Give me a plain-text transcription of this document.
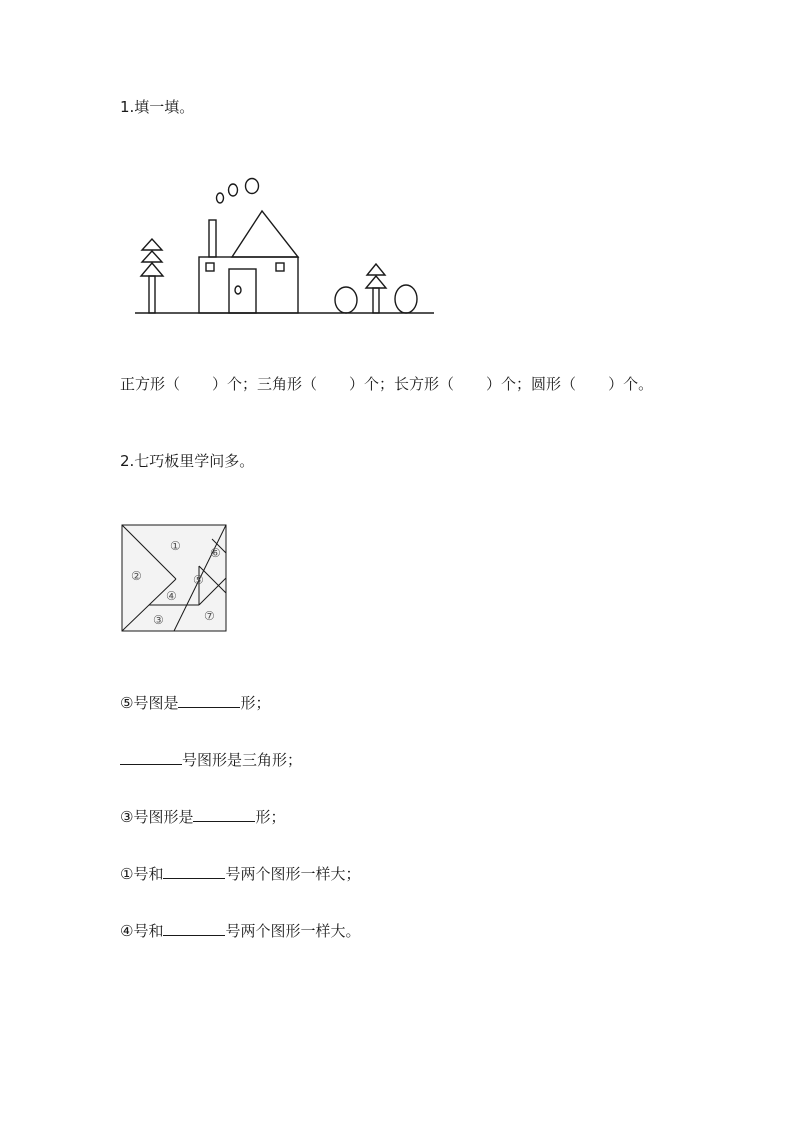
1.填一填。
正方形（ ）个；三角形（ ）个；长方形（ ）个；圆形（ ）个。
2.七巧板里学问多。
①
②
③
④
⑤
⑥
⑦
⑤号图是	形；
号图形是三角形；
③号图形是	形；
①号和	号两个图形一样大；
④号和	号两个图形一样大。
